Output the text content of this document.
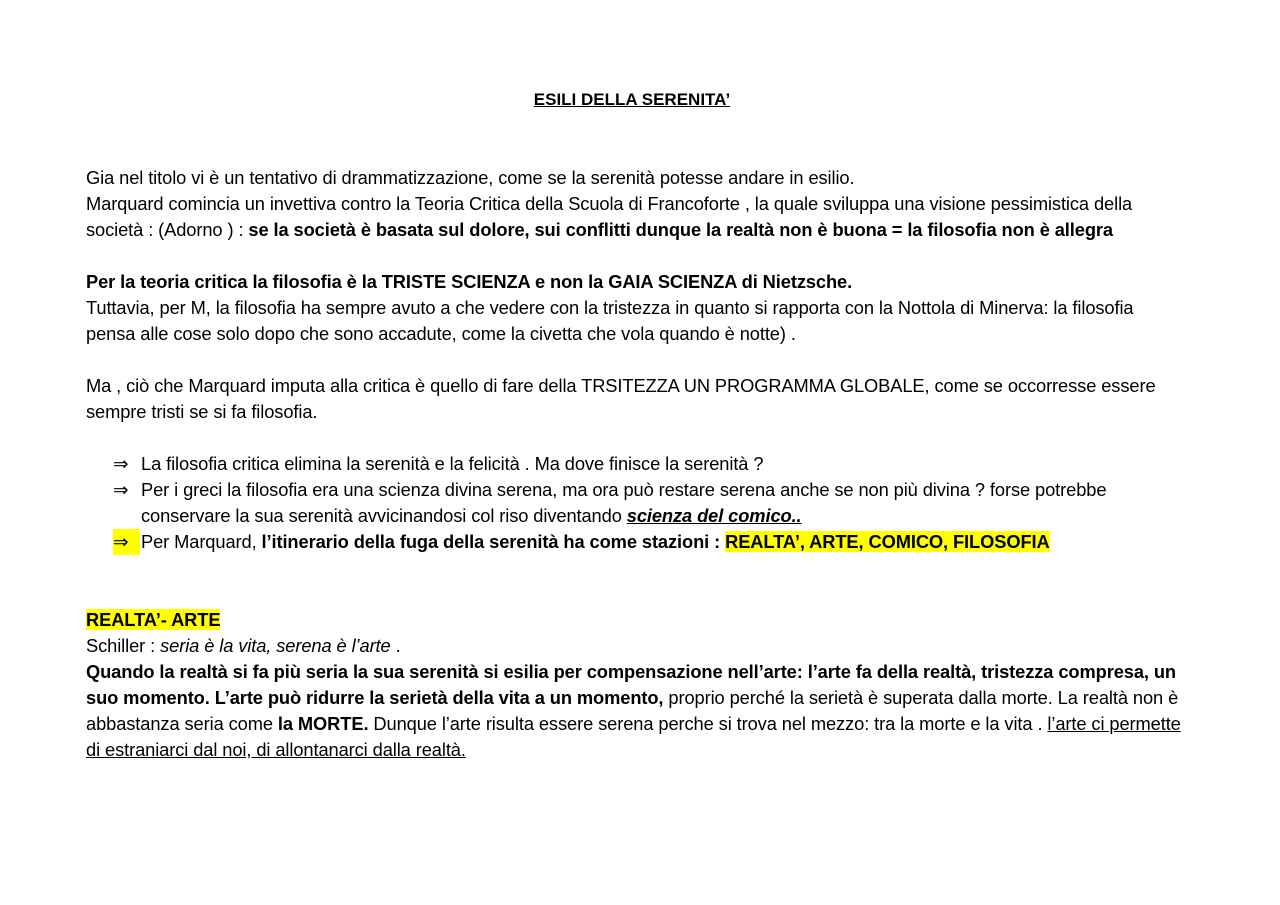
ESILI DELLA SERENITA’

Gia nel titolo vi è un tentativo di drammatizzazione, come se la serenità potesse andare in esilio.
Marquard comincia un invettiva contro la Teoria Critica della Scuola di Francoforte , la quale sviluppa una visione pessimistica della società : (Adorno ) : se la società è basata sul dolore, sui conflitti dunque la realtà non è buona = la filosofia non è allegra

Per la teoria critica la filosofia è la TRISTE SCIENZA e non la GAIA SCIENZA di Nietzsche.
Tuttavia, per M, la filosofia ha sempre avuto a che vedere con la tristezza in quanto si rapporta con la Nottola di Minerva: la filosofia pensa alle cose solo dopo che sono accadute, come la civetta che vola quando è notte) .

Ma , ciò che Marquard imputa alla critica è quello di fare della TRSITEZZA UN PROGRAMMA GLOBALE, come se occorresse essere sempre tristi se si fa filosofia.

⇒ La filosofia critica elimina la serenità e la felicità . Ma dove finisce la serenità ?
⇒ Per i greci la filosofia era una scienza divina serena, ma ora può restare serena anche se non più divina ? forse potrebbe conservare la sua serenità avvicinandosi col riso diventando scienza del comico..
⇒ Per Marquard, l’itinerario della fuga della serenità ha come stazioni : REALTA’, ARTE, COMICO, FILOSOFIA

REALTA’- ARTE

Schiller : seria è la vita, serena è l’arte .

Quando la realtà si fa più seria la sua serenità si esilia per compensazione nell’arte: l’arte fa della realtà, tristezza compresa, un suo momento. L’arte può ridurre la serietà della vita a un momento, proprio perché la serietà è superata dalla morte. La realtà non è abbastanza seria come la MORTE. Dunque l’arte risulta essere serena perche si trova nel mezzo: tra la morte e la vita . l’arte ci permette di estraniarci dal noi, di allontanarci dalla realtà.
